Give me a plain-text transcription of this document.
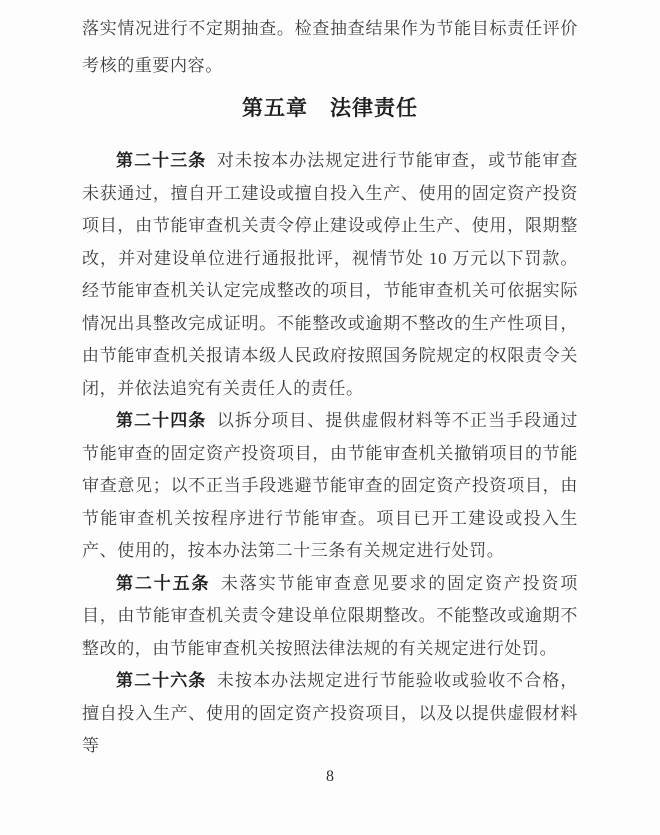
落实情况进行不定期抽查。检查抽查结果作为节能目标责任评价考核的重要内容。

第五章　法律责任

第二十三条 对未按本办法规定进行节能审查，或节能审查未获通过，擅自开工建设或擅自投入生产、使用的固定资产投资项目，由节能审查机关责令停止建设或停止生产、使用，限期整改，并对建设单位进行通报批评，视情节处 10 万元以下罚款。经节能审查机关认定完成整改的项目，节能审查机关可依据实际情况出具整改完成证明。不能整改或逾期不整改的生产性项目，由节能审查机关报请本级人民政府按照国务院规定的权限责令关闭，并依法追究有关责任人的责任。

第二十四条 以拆分项目、提供虚假材料等不正当手段通过节能审查的固定资产投资项目，由节能审查机关撤销项目的节能审查意见；以不正当手段逃避节能审查的固定资产投资项目，由节能审查机关按程序进行节能审查。项目已开工建设或投入生产、使用的，按本办法第二十三条有关规定进行处罚。

第二十五条 未落实节能审查意见要求的固定资产投资项目，由节能审查机关责令建设单位限期整改。不能整改或逾期不整改的，由节能审查机关按照法律法规的有关规定进行处罚。

第二十六条 未按本办法规定进行节能验收或验收不合格，擅自投入生产、使用的固定资产投资项目，以及以提供虚假材料等

8
